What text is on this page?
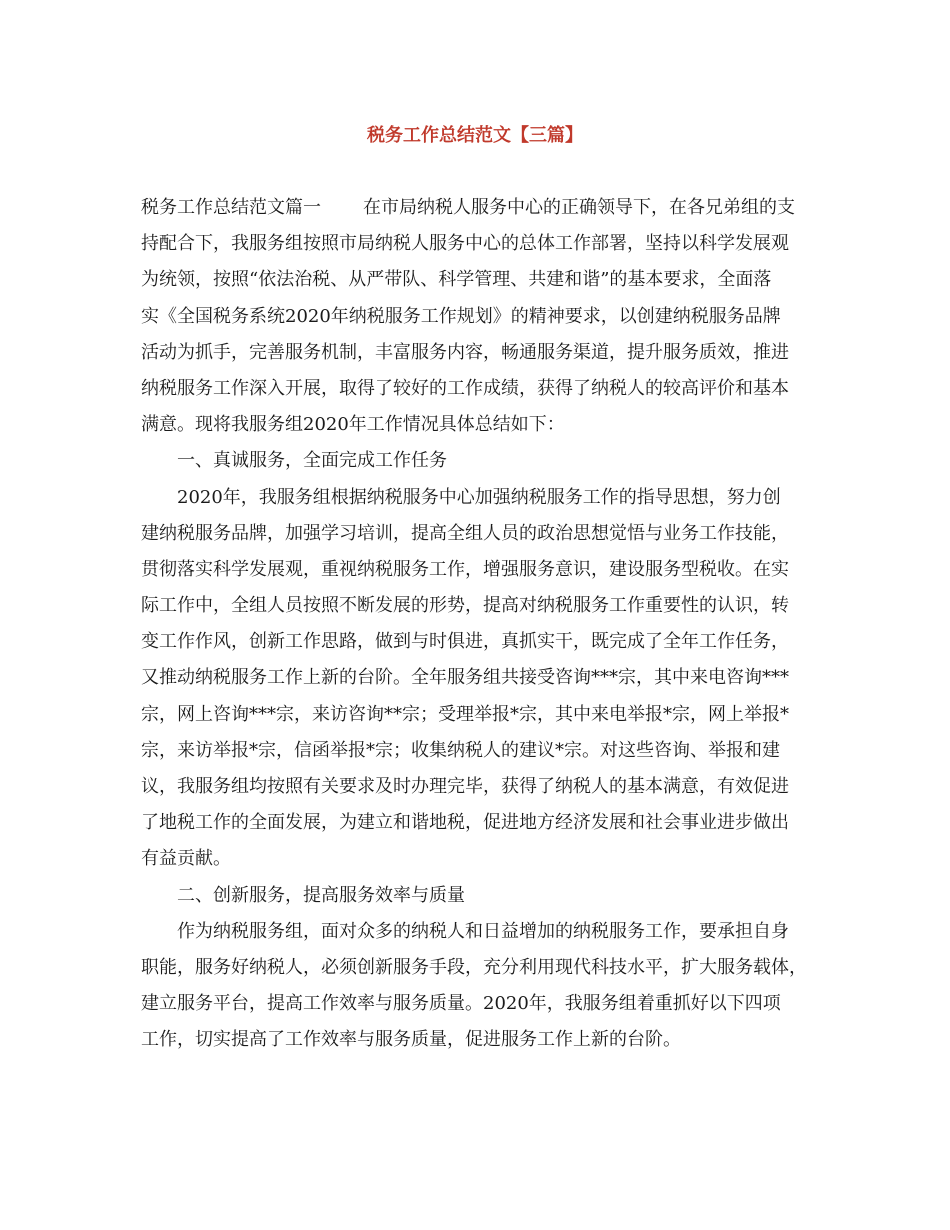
税务工作总结范文【三篇】
税务工作总结范文篇一 在市局纳税人服务中心的正确领导下，在各兄弟组的支
持配合下，我服务组按照市局纳税人服务中心的总体工作部署，坚持以科学发展观
为统领，按照“依法治税、从严带队、科学管理、共建和谐”的基本要求，全面落
实《全国税务系统2020年纳税服务工作规划》的精神要求，以创建纳税服务品牌
活动为抓手，完善服务机制，丰富服务内容，畅通服务渠道，提升服务质效，推进
纳税服务工作深入开展，取得了较好的工作成绩，获得了纳税人的较高评价和基本
满意。现将我服务组2020年工作情况具体总结如下：
一、真诚服务，全面完成工作任务
2020年，我服务组根据纳税服务中心加强纳税服务工作的指导思想，努力创
建纳税服务品牌，加强学习培训，提高全组人员的政治思想觉悟与业务工作技能，
贯彻落实科学发展观，重视纳税服务工作，增强服务意识，建设服务型税收。在实
际工作中，全组人员按照不断发展的形势，提高对纳税服务工作重要性的认识，转
变工作作风，创新工作思路，做到与时俱进，真抓实干，既完成了全年工作任务，
又推动纳税服务工作上新的台阶。全年服务组共接受咨询***宗，其中来电咨询***
宗，网上咨询***宗，来访咨询**宗；受理举报*宗，其中来电举报*宗，网上举报*
宗，来访举报*宗，信函举报*宗；收集纳税人的建议*宗。对这些咨询、举报和建
议，我服务组均按照有关要求及时办理完毕，获得了纳税人的基本满意，有效促进
了地税工作的全面发展，为建立和谐地税，促进地方经济发展和社会事业进步做出
有益贡献。
二、创新服务，提高服务效率与质量
作为纳税服务组，面对众多的纳税人和日益增加的纳税服务工作，要承担自身
职能，服务好纳税人，必须创新服务手段，充分利用现代科技水平，扩大服务载体，
建立服务平台，提高工作效率与服务质量。2020年，我服务组着重抓好以下四项
工作，切实提高了工作效率与服务质量，促进服务工作上新的台阶。
